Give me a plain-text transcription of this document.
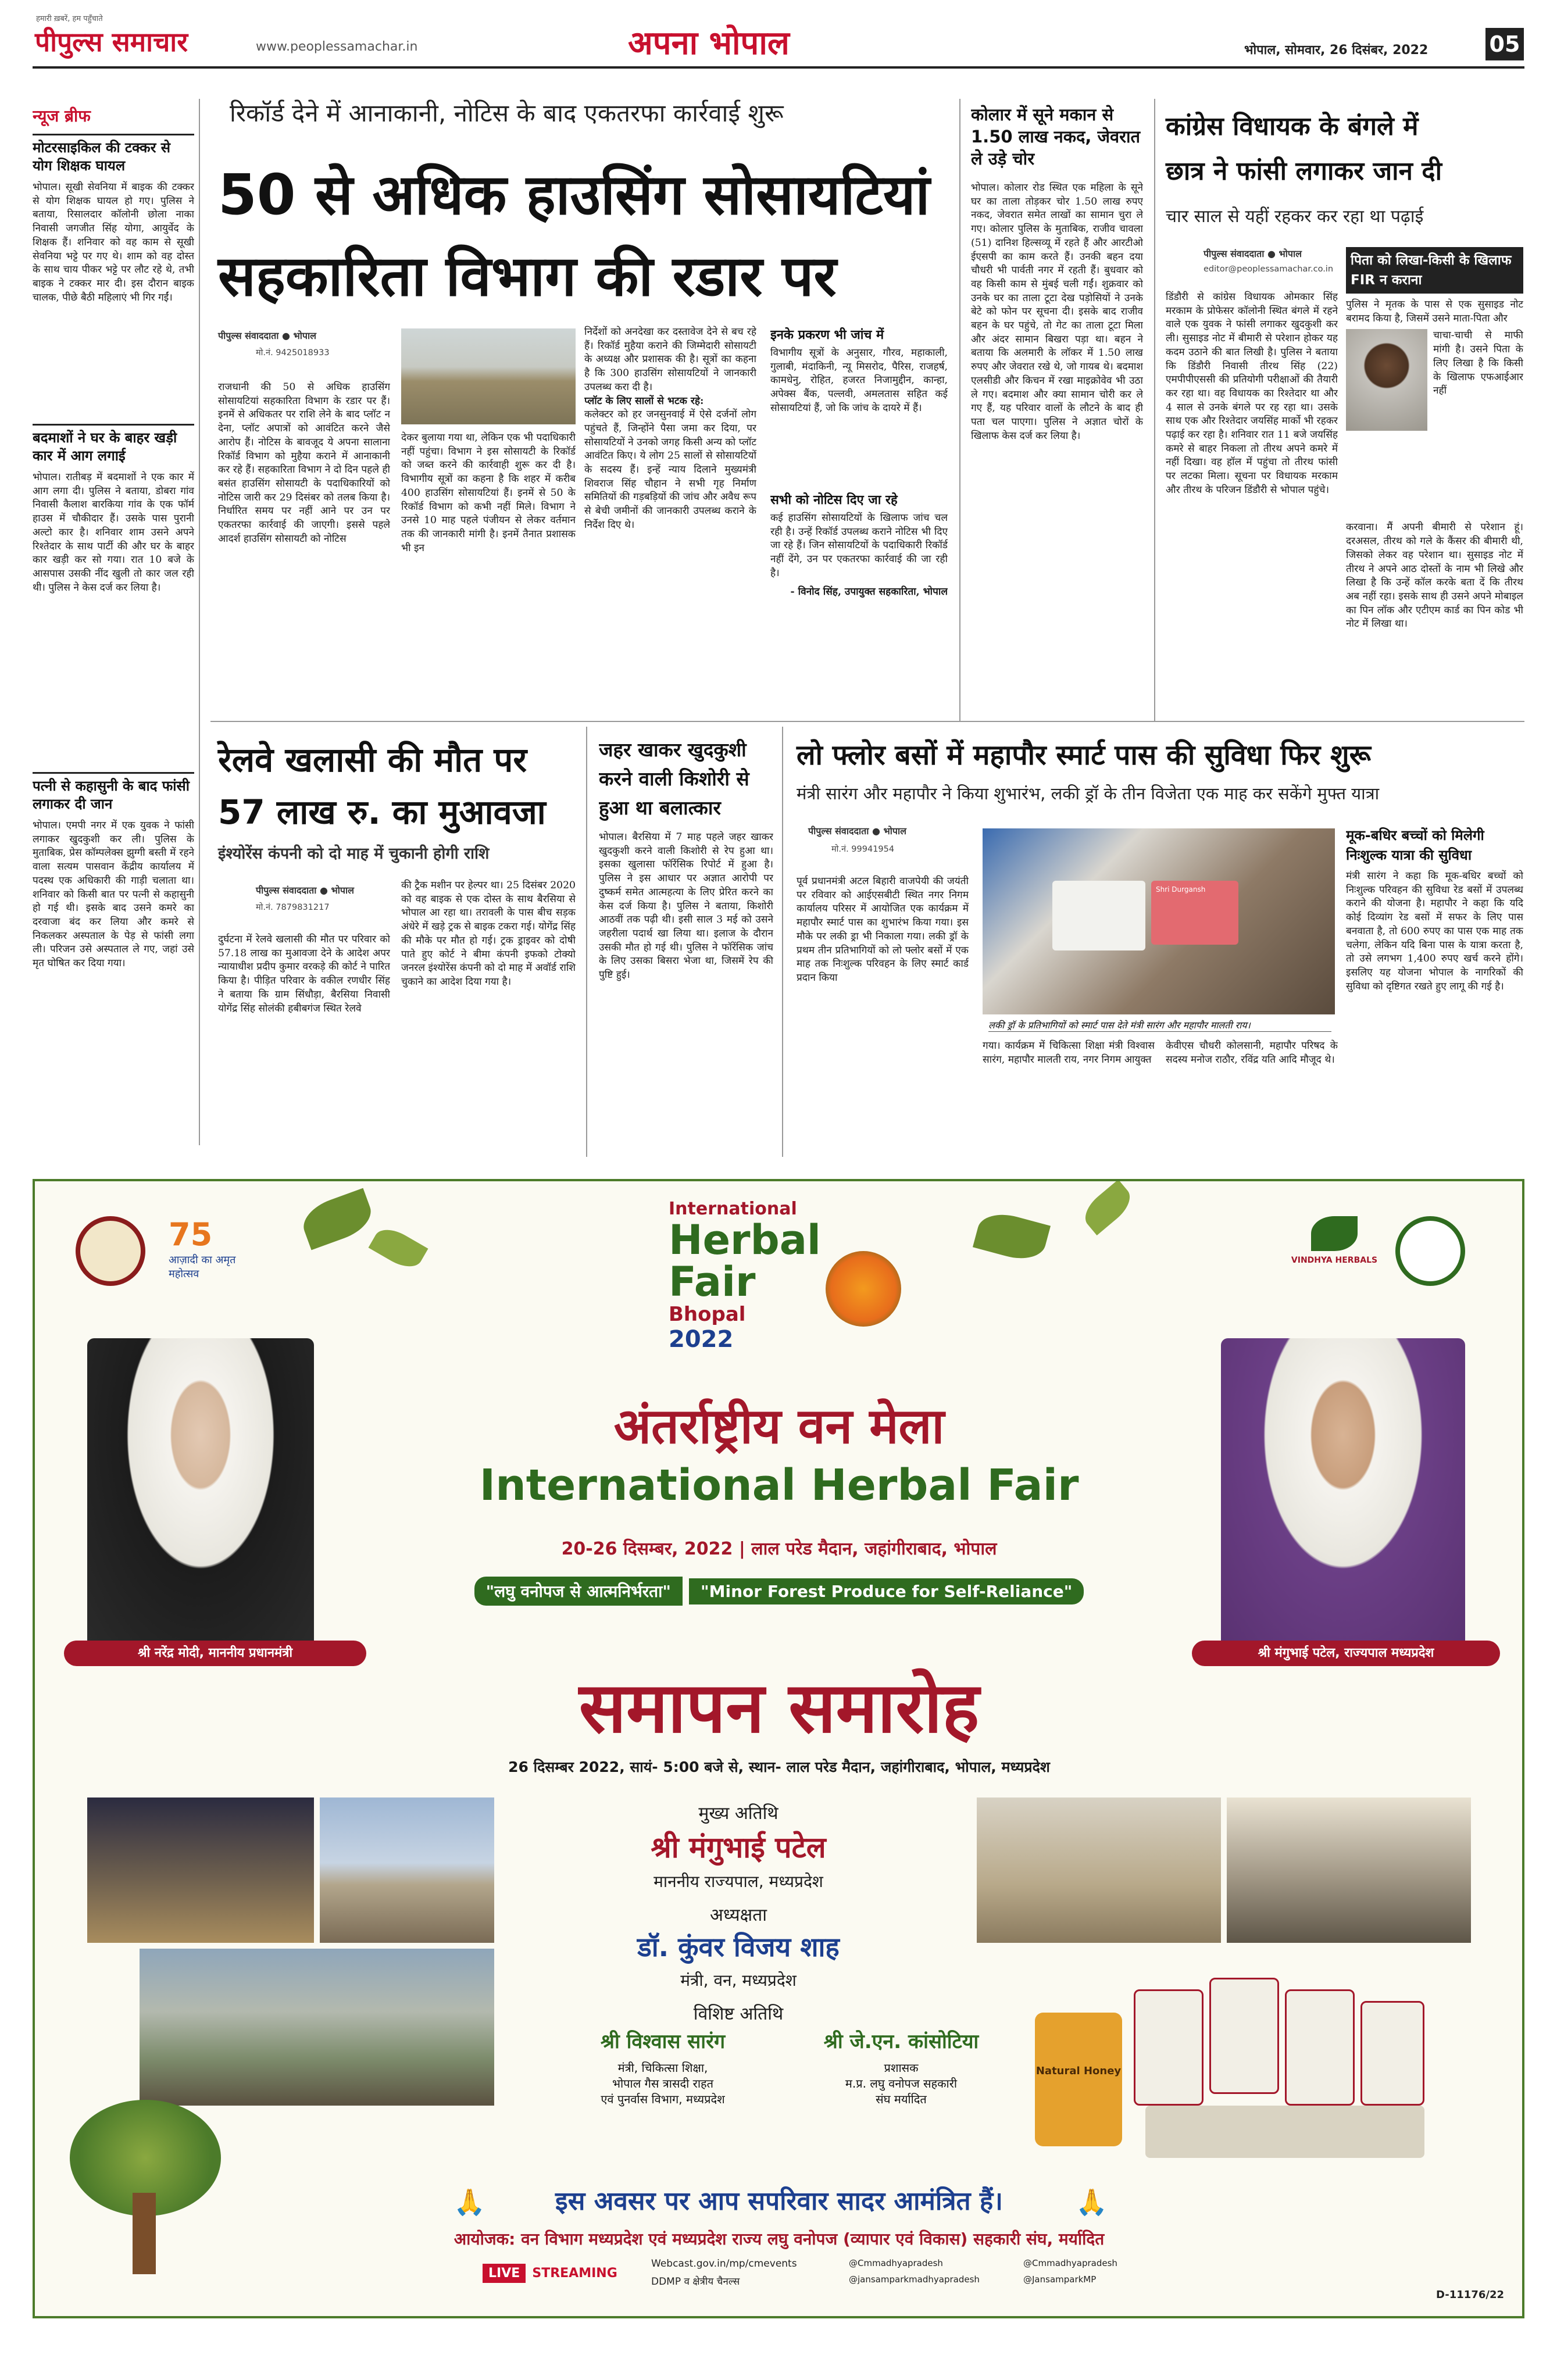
पीपुल्स समाचार
हमारी ख़बरें, हम पहुँचाते
www.peoplessamachar.in	अपना भोपाल	भोपाल, सोमवार, 26 दिसंबर, 2022	05
न्यूज ब्रीफ
मोटरसाइकिल की टक्कर से योग शिक्षक घायल
भोपाल। सूखी सेवनिया में बाइक की टक्कर से योग शिक्षक घायल हो गए। पुलिस ने बताया, रिसालदार कॉलोनी छोला नाका निवासी जगजीत सिंह योगा, आयुर्वेद के शिक्षक हैं। शनिवार को वह काम से सूखी सेवनिया भट्टे पर गए थे। शाम को वह दोस्त के साथ चाय पीकर भट्टे पर लौट रहे थे, तभी बाइक ने टक्कर मार दी। इस दौरान बाइक चालक, पीछे बैठी महिलाएं भी गिर गईं।
बदमाशों ने घर के बाहर खड़ी कार में आग लगाई
भोपाल। रातीबड़ में बदमाशों ने एक कार में आग लगा दी। पुलिस ने बताया, डोबरा गांव निवासी कैलाश बारकिया गांव के एक फॉर्म हाउस में चौकीदार हैं। उसके पास पुरानी अल्टो कार है। शनिवार शाम उसने अपने रिश्तेदार के साथ पार्टी की और घर के बाहर कार खड़ी कर सो गया। रात 10 बजे के आसपास उसकी नींद खुली तो कार जल रही थी। पुलिस ने केस दर्ज कर लिया है।
पत्नी से कहासुनी के बाद फांसी लगाकर दी जान
भोपाल। एमपी नगर में एक युवक ने फांसी लगाकर खुदकुशी कर ली। पुलिस के मुताबिक, प्रेस कॉम्पलेक्स झुग्गी बस्ती में रहने वाला सत्यम पासवान केंद्रीय कार्यालय में पदस्थ एक अधिकारी की गाड़ी चलाता था। शनिवार को किसी बात पर पत्नी से कहासुनी हो गई थी। इसके बाद उसने कमरे का दरवाजा बंद कर लिया और कमरे से निकलकर अस्पताल के पेड़ से फांसी लगा ली। परिजन उसे अस्पताल ले गए, जहां उसे मृत घोषित कर दिया गया।
रिकॉर्ड देने में आनाकानी, नोटिस के बाद एकतरफा कार्रवाई शुरू
50 से अधिक हाउसिंग सोसायटियां
सहकारिता विभाग की रडार पर
पीपुल्स संवाददाता ● भोपाल
मो.नं. 9425018933
राजधानी की 50 से अधिक हाउसिंग सोसायटियां सहकारिता विभाग के रडार पर हैं। इनमें से अधिकतर पर राशि लेने के बाद प्लॉट न देना, प्लॉट अपात्रों को आवंटित करने जैसे आरोप हैं। नोटिस के बावजूद ये अपना सालाना रिकॉर्ड विभाग को मुहैया कराने में आनाकानी कर रहे हैं। सहकारिता विभाग ने दो दिन पहले ही बसंत हाउसिंग सोसायटी के पदाधिकारियों को नोटिस जारी कर 29 दिसंबर को तलब किया है। निर्धारित समय पर नहीं आने पर उन पर एकतरफा कार्रवाई की जाएगी। इससे पहले आदर्श हाउसिंग सोसायटी को नोटिस
देकर बुलाया गया था, लेकिन एक भी पदाधिकारी नहीं पहुंचा। विभाग ने इस सोसायटी के रिकॉर्ड को जब्त करने की कार्रवाही शुरू कर दी है। विभागीय सूत्रों का कहना है कि शहर में करीब 400 हाउसिंग सोसायटियां हैं। इनमें से 50 के रिकॉर्ड विभाग को कभी नहीं मिले। विभाग ने उनसे 10 माह पहले पंजीयन से लेकर वर्तमान तक की जानकारी मांगी है। इनमें तैनात प्रशासक भी इन
निर्देशों को अनदेखा कर दस्तावेज देने से बच रहे हैं। रिकॉर्ड मुहैया कराने की जिम्मेदारी सोसायटी के अध्यक्ष और प्रशासक की है। सूत्रों का कहना है कि 300 हाउसिंग सोसायटियों ने जानकारी उपलब्ध करा दी है।
प्लॉट के लिए सालों से भटक रहे:
कलेक्टर को हर जनसुनवाई में ऐसे दर्जनों लोग पहुंचते हैं, जिन्होंने पैसा जमा कर दिया, पर सोसायटियों ने उनको जगह किसी अन्य को प्लॉट आवंटित किए। ये लोग 25 सालों से सोसायटियों के सदस्य हैं। इन्हें न्याय दिलाने मुख्यमंत्री शिवराज सिंह चौहान ने सभी गृह निर्माण समितियों की गड़बड़ियों की जांच और अवैध रूप से बेची जमीनों की जानकारी उपलब्ध कराने के निर्देश दिए थे।
इनके प्रकरण भी जांच में
विभागीय सूत्रों के अनुसार, गौरव, महाकाली, गुलाबी, मंदाकिनी, न्यू मिसरोद, पैरिस, राजहर्ष, कामधेनु, रोहित, हजरत निजामुद्दीन, कान्हा, अपेक्स बैंक, पल्लवी, अमलतास सहित कई सोसायटियां हैं, जो कि जांच के दायरे में हैं।
सभी को नोटिस दिए जा रहे
कई हाउसिंग सोसायटियों के खिलाफ जांच चल रही है। उन्हें रिकॉर्ड उपलब्ध कराने नोटिस भी दिए जा रहे हैं। जिन सोसायटियों के पदाधिकारी रिकॉर्ड नहीं देंगे, उन पर एकतरफा कार्रवाई की जा रही है।
- विनोद सिंह, उपायुक्त सहकारिता, भोपाल
कोलार में सूने मकान से 1.50 लाख नकद, जेवरात ले उड़े चोर
भोपाल। कोलार रोड स्थित एक महिला के सूने घर का ताला तोड़कर चोर 1.50 लाख रुपए नकद, जेवरात समेत लाखों का सामान चुरा ले गए। कोलार पुलिस के मुताबिक, राजीव चावला (51) दानिश हिल्सव्यू में रहते हैं और आरटीओ ईएसपी का काम करते हैं। उनकी बहन दया चौधरी भी पार्वती नगर में रहती हैं। बुधवार को वह किसी काम से मुंबई चली गईं। शुक्रवार को उनके घर का ताला टूटा देख पड़ोसियों ने उनके बेटे को फोन पर सूचना दी। इसके बाद राजीव बहन के घर पहुंचे, तो गेट का ताला टूटा मिला और अंदर सामान बिखरा पड़ा था। बहन ने बताया कि अलमारी के लॉकर में 1.50 लाख रुपए और जेवरात रखे थे, जो गायब थे। बदमाश एलसीडी और किचन में रखा माइक्रोवेव भी उठा ले गए। बदमाश और क्या सामान चोरी कर ले गए हैं, यह परिवार वालों के लौटने के बाद ही पता चल पाएगा। पुलिस ने अज्ञात चोरों के खिलाफ केस दर्ज कर लिया है।
कांग्रेस विधायक के बंगले में
छात्र ने फांसी लगाकर जान दी
चार साल से यहीं रहकर कर रहा था पढ़ाई
पीपुल्स संवाददाता ● भोपाल
editor@peoplessamachar.co.in
डिंडौरी से कांग्रेस विधायक ओमकार सिंह मरकाम के प्रोफेसर कॉलोनी स्थित बंगले में रहने वाले एक युवक ने फांसी लगाकर खुदकुशी कर ली। सुसाइड नोट में बीमारी से परेशान होकर यह कदम उठाने की बात लिखी है। पुलिस ने बताया कि डिंडौरी निवासी तीरथ सिंह (22) एमपीपीएससी की प्रतियोगी परीक्षाओं की तैयारी कर रहा था। वह विधायक का रिश्तेदार था और 4 साल से उनके बंगले पर रह रहा था। उसके साथ एक और रिश्तेदार जयसिंह मार्को भी रहकर पढ़ाई कर रहा है। शनिवार रात 11 बजे जयसिंह कमरे से बाहर निकला तो तीरथ अपने कमरे में नहीं दिखा। वह हॉल में पहुंचा तो तीरथ फांसी पर लटका मिला। सूचना पर विधायक मरकाम और तीरथ के परिजन डिंडौरी से भोपाल पहुंचे।
पिता को लिखा-किसी के खिलाफ FIR न कराना
पुलिस ने मृतक के पास से एक सुसाइड नोट बरामद किया है, जिसमें उसने माता-पिता और
चाचा-चाची से माफी मांगी है। उसने पिता के लिए लिखा है कि किसी के खिलाफ एफआईआर नहीं
करवाना। मैं अपनी बीमारी से परेशान हूं। दरअसल, तीरथ को गले के कैंसर की बीमारी थी, जिसको लेकर वह परेशान था। सुसाइड नोट में तीरथ ने अपने आठ दोस्तों के नाम भी लिखे और लिखा है कि उन्हें कॉल करके बता दें कि तीरथ अब नहीं रहा। इसके साथ ही उसने अपने मोबाइल का पिन लॉक और एटीएम कार्ड का पिन कोड भी नोट में लिखा था।
रेलवे खलासी की मौत पर
57 लाख रु. का मुआवजा
इंश्योरेंस कंपनी को दो माह में चुकानी होगी राशि
पीपुल्स संवाददाता ● भोपाल
मो.नं. 7879831217
दुर्घटना में रेलवे खलासी की मौत पर परिवार को 57.18 लाख का मुआवजा देने के आदेश अपर न्यायाधीश प्रदीप कुमार वरकड़े की कोर्ट ने पारित किया है। पीड़ित परिवार के वकील रणधीर सिंह ने बताया कि ग्राम सिंधौड़ा, बैरसिया निवासी योगेंद्र सिंह सोलंकी हबीबगंज स्थित रेलवे
की ट्रैक मशीन पर हेल्पर था। 25 दिसंबर 2020 को वह बाइक से एक दोस्त के साथ बैरसिया से भोपाल आ रहा था। तरावली के पास बीच सड़क अंधेरे में खड़े ट्रक से बाइक टकरा गई। योगेंद्र सिंह की मौके पर मौत हो गई। ट्रक ड्राइवर को दोषी पाते हुए कोर्ट ने बीमा कंपनी इफको टोक्यो जनरल इंश्योरेंस कंपनी को दो माह में अवॉर्ड राशि चुकाने का आदेश दिया गया है।
जहर खाकर खुदकुशी करने वाली किशोरी से हुआ था बलात्कार
भोपाल। बैरसिया में 7 माह पहले जहर खाकर खुदकुशी करने वाली किशोरी से रेप हुआ था। इसका खुलासा फॉरेंसिक रिपोर्ट में हुआ है। पुलिस ने इस आधार पर अज्ञात आरोपी पर दुष्कर्म समेत आत्महत्या के लिए प्रेरित करने का केस दर्ज किया है। पुलिस ने बताया, किशोरी आठवीं तक पढ़ी थी। इसी साल 3 मई को उसने जहरीला पदार्थ खा लिया था। इलाज के दौरान उसकी मौत हो गई थी। पुलिस ने फॉरेंसिक जांच के लिए उसका बिसरा भेजा था, जिसमें रेप की पुष्टि हुई।
लो फ्लोर बसों में महापौर स्मार्ट पास की सुविधा फिर शुरू
मंत्री सारंग और महापौर ने किया शुभारंभ, लकी ड्रॉ के तीन विजेता एक माह कर सकेंगे मुफ्त यात्रा
पीपुल्स संवाददाता ● भोपाल
मो.नं. 99941954
पूर्व प्रधानमंत्री अटल बिहारी वाजपेयी की जयंती पर रविवार को आईएसबीटी स्थित नगर निगम कार्यालय परिसर में आयोजित एक कार्यक्रम में महापौर स्मार्ट पास का शुभारंभ किया गया। इस मौके पर लकी ड्रा भी निकाला गया। लकी ड्रॉ के प्रथम तीन प्रतिभागियों को लो फ्लोर बसों में एक माह तक निःशुल्क परिवहन के लिए स्मार्ट कार्ड प्रदान किया
Shri Durgansh
लकी ड्रॉ के प्रतिभागियों को स्मार्ट पास देते मंत्री सारंग और महापौर मालती राय।
गया। कार्यक्रम में चिकित्सा शिक्षा मंत्री विश्वास सारंग, महापौर मालती राय, नगर निगम आयुक्त
केवीएस चौधरी कोलसानी, महापौर परिषद के सदस्य मनोज राठौर, रविंद्र यति आदि मौजूद थे।
मूक-बधिर बच्चों को मिलेगी निःशुल्क यात्रा की सुविधा
मंत्री सारंग ने कहा कि मूक-बधिर बच्चों को निःशुल्क परिवहन की सुविधा रेड बसों में उपलब्ध कराने की योजना है। महापौर ने कहा कि यदि कोई दिव्यांग रेड बसों में सफर के लिए पास बनवाता है, तो 600 रुपए का पास एक माह तक चलेगा, लेकिन यदि बिना पास के यात्रा करता है, तो उसे लगभग 1,400 रुपए खर्च करने होंगे। इसलिए यह योजना भोपाल के नागरिकों की सुविधा को दृष्टिगत रखते हुए लागू की गई है।
75
आज़ादी का अमृत महोत्सव
International
Herbal
Fair
Bhopal
2022
VINDHYA HERBALS
श्री नरेंद्र मोदी, माननीय प्रधानमंत्री	श्री मंगुभाई पटेल, राज्यपाल मध्यप्रदेश
अंतर्राष्ट्रीय वन मेला
International Herbal Fair
20-26 दिसम्बर, 2022 | लाल परेड मैदान, जहांगीराबाद, भोपाल
"लघु वनोपज से आत्मनिर्भरता" "Minor Forest Produce for Self-Reliance"
समापन समारोह
26 दिसम्बर 2022, सायं- 5:00 बजे से, स्थान- लाल परेड मैदान, जहांगीराबाद, भोपाल, मध्यप्रदेश
मुख्य अतिथि
श्री मंगुभाई पटेल
माननीय राज्यपाल, मध्यप्रदेश
अध्यक्षता
डॉ. कुंवर विजय शाह
मंत्री, वन, मध्यप्रदेश
विशिष्ट अतिथि
श्री विश्वास सारंग
मंत्री, चिकित्सा शिक्षा,
भोपाल गैस त्रासदी राहत
एवं पुनर्वास विभाग, मध्यप्रदेश
श्री जे.एन. कांसोटिया
प्रशासक
म.प्र. लघु वनोपज सहकारी
संघ मर्यादित
Natural Honey
🙏	इस अवसर पर आप सपरिवार सादर आमंत्रित हैं।	🙏
आयोजक: वन विभाग मध्यप्रदेश एवं मध्यप्रदेश राज्य लघु वनोपज (व्यापार एवं विकास) सहकारी संघ, मर्यादित
LIVE STREAMING
Webcast.gov.in/mp/cmevents
DDMP व क्षेत्रीय चैनल्स
@Cmmadhyapradesh
@jansamparkmadhyapradesh
@Cmmadhyapradesh
@JansamparkMP
D-11176/22
